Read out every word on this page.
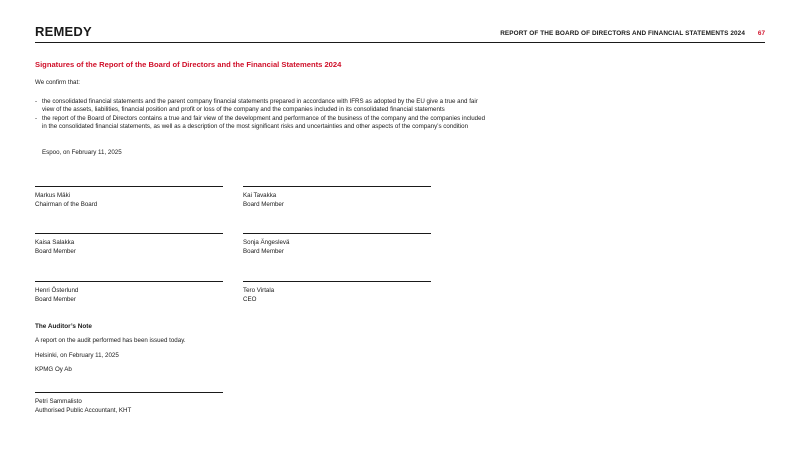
REMEDY	REPORT OF THE BOARD OF DIRECTORS AND FINANCIAL STATEMENTS 2024 67
Signatures of the Report of the Board of Directors and the Financial Statements 2024
We confirm that:
- the consolidated financial statements and the parent company financial statements prepared in accordance with IFRS as adopted by the EU give a true and fair
view of the assets, liabilities, financial position and profit or loss of the company and the companies included in its consolidated financial statements
- the report of the Board of Directors contains a true and fair view of the development and performance of the business of the company and the companies included
in the consolidated financial statements, as well as a description of the most significant risks and uncertainties and other aspects of the company’s condition
Espoo, on February 11, 2025
Markus Mäki
Chairman of the Board
Kai Tavakka
Board Member
Kaisa Salakka
Board Member
Sonja Ängeslevä
Board Member
Henri Österlund
Board Member
Tero Virtala
CEO
The Auditor’s Note
A report on the audit performed has been issued today.
Helsinki, on February 11, 2025
KPMG Oy Ab
Petri Sammalisto
Authorised Public Accountant, KHT
